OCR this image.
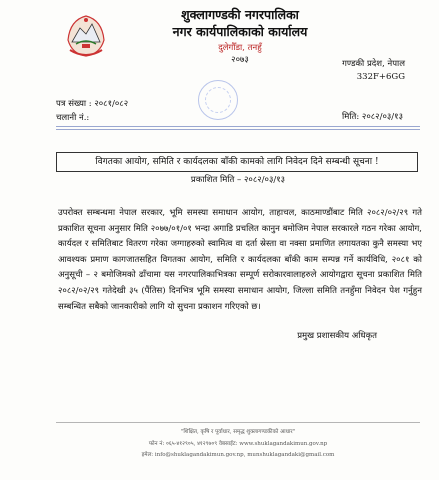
शुक्लागण्डकी नगरपालिका
नगर कार्यपालिकाको कार्यालय
दुलेगौँडा, तनहुँ
२०७३	गण्डकी प्रदेश, नेपाल
332F+6GG
पत्र संख्या : २०८१/०८२
चलानी नं.:	मिति: २०८२/०३/१३
विगतका आयोग, समिति र कार्यदलका बाँकी कामको लागि निवेदन दिने सम्बन्धी सूचना !
प्रकाशित मिति – २०८२/०३/१३
उपरोक्त सम्बन्धमा नेपाल सरकार, भूमि समस्या समाधान आयोग, ताहाचल, काठमाण्डौंबाट मिति २०८२/०२/२९ गते प्रकाशित सूचना अनुसार मिति २०७७/०१/०१ भन्दा अगाडि प्रचलित कानुन बमोजिम नेपाल सरकारले गठन गरेका आयोग, कार्यदल र समितिबाट वितरण गरेका जग्गाहरुको स्वामित्व वा दर्ता स्रेस्ता वा नक्सा प्रमाणित लगायतका कुनै समस्या भए आवश्यक प्रमाण कागजातसहित विगतका आयोग, समिति र कार्यदलका बाँकी काम सम्पन्न गर्ने कार्यविधि, २०८१ को अनुसूची – २ बमोजिमको ढाँचामा यस नगरपालिकाभित्रका सम्पूर्ण सरोकारवालाहरुले आयोगद्वारा सूचना प्रकाशित मिति २०८२/०२/२९ गतेदेखी ३५ (पैंतिस) दिनभित्र भूमि समस्या समाधान आयोग, जिल्ला समिति तनहुँमा निवेदन पेश गर्नुहुन सम्बन्धित सबैको जानकारीको लागि यो सुचना प्रकाशन गरिएको छ।
प्रमुख प्रशासकीय अधिकृत
"शिक्षित, कृषि र पूर्वाधार, समृद्ध शुक्लागण्डकीको आधार"
फोन नं: ०६५-४१२९०५, ४१२९७०९ वेबसाईट: www.shuklagandakimun.gov.np
इमेल: info@shuklagandakimun.gov.np, munshuklagandaki@gmail.com
